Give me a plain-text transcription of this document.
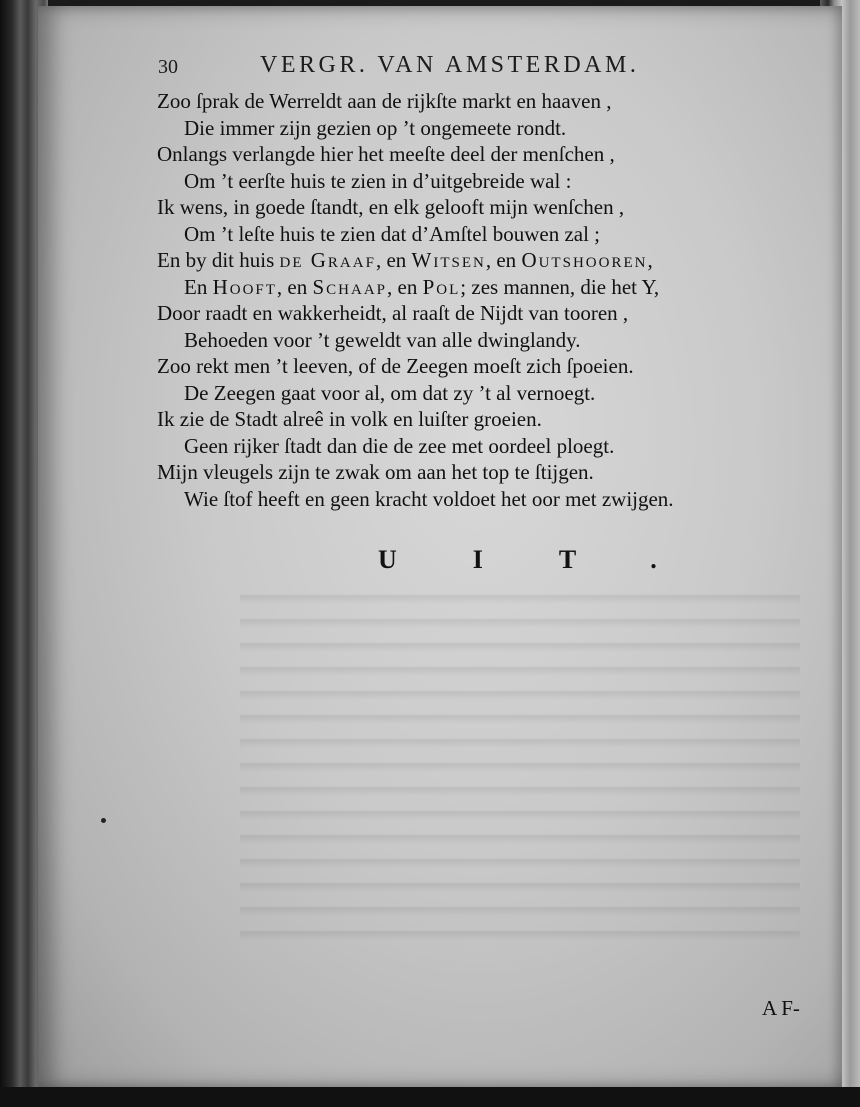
30	VERGR. VAN AMSTERDAM.
Zoo ſprak de Werreldt aan de rijkſte markt en haaven ,
Die immer zijn gezien op ’t ongemeete rondt.
Onlangs verlangde hier het meeſte deel der menſchen ,
Om ’t eerſte huis te zien in d’uitgebreide wal :
Ik wens, in goede ſtandt, en elk gelooft mijn wenſchen ,
Om ’t leſte huis te zien dat d’Amſtel bouwen zal ;
En by dit huis de Graaf, en Witsen, en Outshooren,
En Hooft, en Schaap, en Pol; zes mannen, die het Y,
Door raadt en wakkerheidt, al raaſt de Nijdt van tooren ,
Behoeden voor ’t geweldt van alle dwinglandy.
Zoo rekt men ’t leeven, of de Zeegen moeſt zich ſpoeien.
De Zeegen gaat voor al, om dat zy ’t al vernoegt.
Ik zie de Stadt alreê in volk en luiſter groeien.
Geen rijker ſtadt dan die de zee met oordeel ploegt.
Mijn vleugels zijn te zwak om aan het top te ſtijgen.
Wie ſtof heeft en geen kracht voldoet het oor met zwijgen.
UIT.
A F-
